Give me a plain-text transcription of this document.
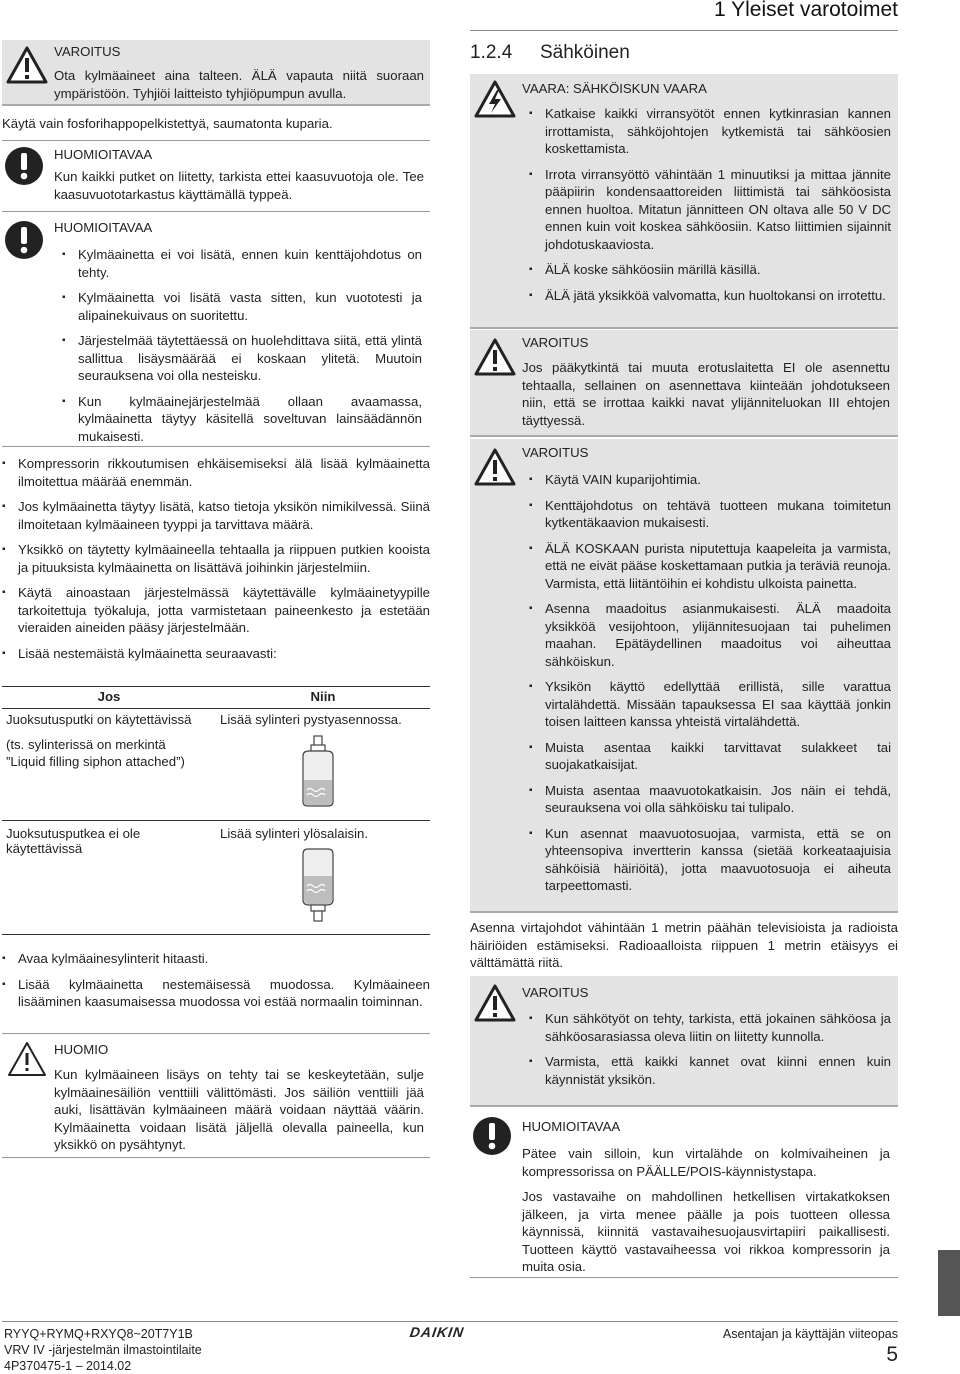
1 Yleiset varotoimet
VAROITUS

Ota kylmäaineet aina talteen. ÄLÄ vapauta niitä suoraan ympäristöön. Tyhjiöi laitteisto tyhjiöpumpun avulla.

Käytä vain fosforihappopelkistettyä, saumatonta kuparia.

HUOMIOITAVAA

Kun kaikki putket on liitetty, tarkista ettei kaasuvuotoja ole. Tee kaasuvuototarkastus käyttämällä typpeä.

HUOMIOITAVAA

▪ Kylmäainetta ei voi lisätä, ennen kuin kenttäjohdotus on tehty.

▪ Kylmäainetta voi lisätä vasta sitten, kun vuototesti ja alipainekuivaus on suoritettu.

▪ Järjestelmää täytettäessä on huolehdittava siitä, että ylintä sallittua lisäysmäärää ei koskaan ylitetä. Muutoin seurauksena voi olla nesteisku.

▪ Kun kylmäainejärjestelmää ollaan avaamassa, kylmäainetta täytyy käsitellä soveltuvan lainsäädännön mukaisesti.

▪ Kompressorin rikkoutumisen ehkäisemiseksi älä lisää kylmäainetta ilmoitettua määrää enemmän.

▪ Jos kylmäainetta täytyy lisätä, katso tietoja yksikön nimikilvessä. Siinä ilmoitetaan kylmäaineen tyyppi ja tarvittava määrä.

▪ Yksikkö on täytetty kylmäaineella tehtaalla ja riippuen putkien kooista ja pituuksista kylmäainetta on lisättävä joihinkin järjestelmiin.

▪ Käytä ainoastaan järjestelmässä käytettävälle kylmäainetyypille tarkoitettuja työkaluja, jotta varmistetaan paineenkesto ja estetään vieraiden aineiden pääsy järjestelmään.

▪ Lisää nestemäistä kylmäainetta seuraavasti:

Jos	Niin
Juoksutusputki on käytettävissä
(ts. sylinterissä on merkintä
”Liquid filling siphon attached”)
Lisää sylinteri pystyasennossa.
Juoksutusputkea ei ole käytettävissä
Lisää sylinteri ylösalaisin.

▪ Avaa kylmäainesylinterit hitaasti.

▪ Lisää kylmäainetta nestemäisessä muodossa. Kylmäaineen lisääminen kaasumaisessa muodossa voi estää normaalin toiminnan.

HUOMIO

Kun kylmäaineen lisäys on tehty tai se keskeytetään, sulje kylmäainesäiliön venttiili välittömästi. Jos säiliön venttiili jää auki, lisättävän kylmäaineen määrä voidaan näyttää väärin. Kylmäainetta voidaan lisätä jäljellä olevalla paineella, kun yksikkö on pysähtynyt.

1.2.4 Sähköinen
VAARA: SÄHKÖISKUN VAARA

▪ Katkaise kaikki virransyötöt ennen kytkinrasian kannen irrottamista, sähköjohtojen kytkemistä tai sähköosien koskettamista.

▪ Irrota virransyöttö vähintään 1 minuutiksi ja mittaa jännite pääpiirin kondensaattoreiden liittimistä tai sähköosista ennen huoltoa. Mitatun jännitteen ON oltava alle 50 V DC ennen kuin voit koskea sähköosiin. Katso liittimien sijainnit johdotuskaaviosta.

▪ ÄLÄ koske sähköosiin märillä käsillä.

▪ ÄLÄ jätä yksikköä valvomatta, kun huoltokansi on irrotettu.

VAROITUS

Jos pääkytkintä tai muuta erotuslaitetta EI ole asennettu tehtaalla, sellainen on asennettava kiinteään johdotukseen niin, että se irrottaa kaikki navat ylijänniteluokan III ehtojen täyttyessä.

VAROITUS

▪ Käytä VAIN kuparijohtimia.

▪ Kenttäjohdotus on tehtävä tuotteen mukana toimitetun kytkentäkaavion mukaisesti.

▪ ÄLÄ KOSKAAN purista niputettuja kaapeleita ja varmista, että ne eivät pääse koskettamaan putkia ja teräviä reunoja. Varmista, että liitäntöihin ei kohdistu ulkoista painetta.

▪ Asenna maadoitus asianmukaisesti. ÄLÄ maadoita yksikköä vesijohtoon, ylijännitesuojaan tai puhelimen maahan. Epätäydellinen maadoitus voi aiheuttaa sähköiskun.

▪ Yksikön käyttö edellyttää erillistä, sille varattua virtalähdettä. Missään tapauksessa EI saa käyttää jonkin toisen laitteen kanssa yhteistä virtalähdettä.

▪ Muista asentaa kaikki tarvittavat sulakkeet tai suojakatkaisijat.

▪ Muista asentaa maavuotokatkaisin. Jos näin ei tehdä, seurauksena voi olla sähköisku tai tulipalo.

▪ Kun asennat maavuotosuojaa, varmista, että se on yhteensopiva invertterin kanssa (sietää korkeataajuisia sähköisiä häiriöitä), jotta maavuotosuoja ei aiheuta tarpeettomasti.

Asenna virtajohdot vähintään 1 metrin päähän televisioista ja radioista häiriöiden estämiseksi. Radioaalloista riippuen 1 metrin etäisyys ei välttämättä riitä.

VAROITUS

▪ Kun sähkötyöt on tehty, tarkista, että jokainen sähköosa ja sähköosarasiassa oleva liitin on liitetty kunnolla.

▪ Varmista, että kaikki kannet ovat kiinni ennen kuin käynnistät yksikön.

HUOMIOITAVAA

Pätee vain silloin, kun virtalähde on kolmivaiheinen ja kompressorissa on PÄÄLLE/POIS-käynnistystapa.

Jos vastavaihe on mahdollinen hetkellisen virtakatkoksen jälkeen, ja virta menee päälle ja pois tuotteen ollessa käynnissä, kiinnitä vastavaihesuojausvirtapiiri paikallisesti. Tuotteen käyttö vastavaiheessa voi rikkoa kompressorin ja muita osia.

RYYQ+RYMQ+RXYQ8~20T7Y1B
VRV IV -järjestelmän ilmastointilaite
4P370475-1 – 2014.02
DAIKIN	Asentajan ja käyttäjän viiteopas
5
